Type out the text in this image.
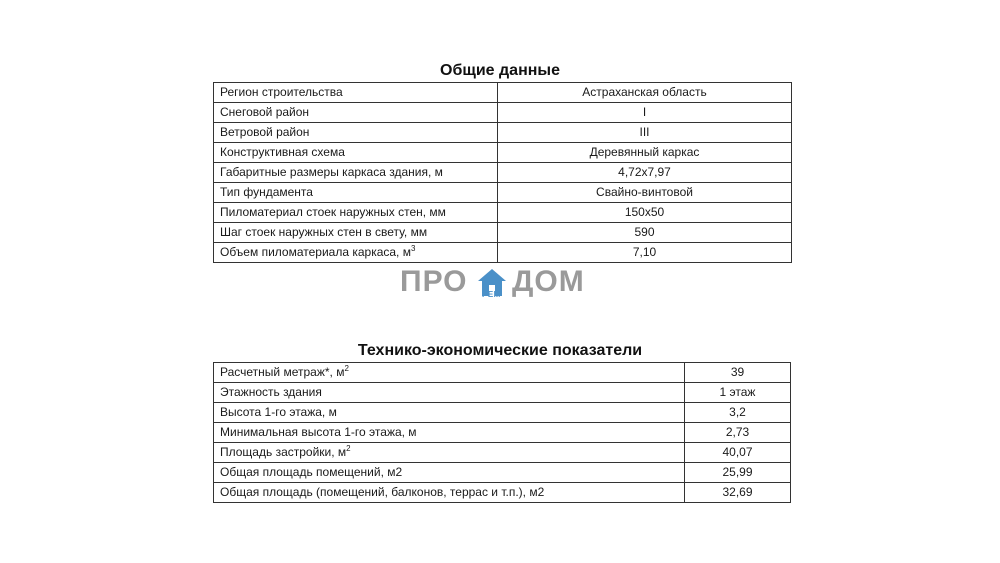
Общие данные
Регион строительства	Астраханская область
Снеговой район	I
Ветровой район	III
Конструктивная схема	Деревянный каркас
Габаритные размеры каркаса здания, м	4,72х7,97
Тип фундамента	Свайно-винтовой
Пиломатериал стоек наружных стен, мм	150х50
Шаг стоек наружных стен в свету, мм	590
Объем пиломатериала каркаса, $м^3$	7,10
ПРО РЕМ ДОМ
Технико-экономические показатели
Расчетный метраж*, $м^2$	39
Этажность здания	1 этаж
Высота 1-го этажа, м	3,2
Минимальная высота 1-го этажа, м	2,73
Площадь застройки, $м^2$	40,07
Общая площадь помещений, м2	25,99
Общая площадь (помещений, балконов, террас и т.п.), м2	32,69
